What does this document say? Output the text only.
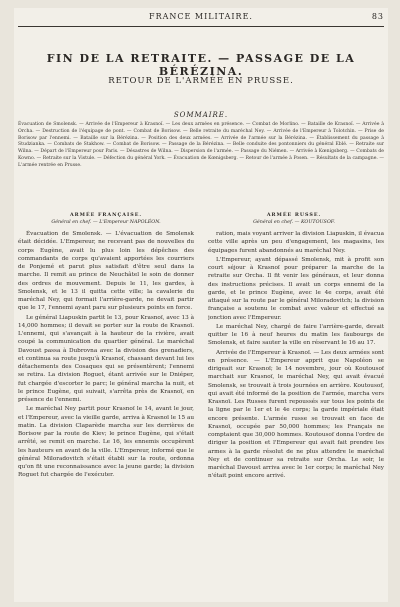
FRANCE MILITAIRE.	83
FIN DE LA RETRAITE. — PASSAGE DE LA BÉRÉZINA.
RETOUR DE L'ARMÉE EN PRUSSE.
SOMMAIRE.
Évacuation de Smolensk. — Arrivée de l'Empereur à Krasnoï. — Les deux armées en présence. — Combat de Morlino. — Bataille de Krasnoï. — Arrivée à Orcha. — Destruction de l'équipage de pont. — Combat de Borisow. — Belle retraite du maréchal Ney. — Arrivée de l'Empereur à Tolotchin. — Prise de Borisow par l'ennemi. — Bataille sur la Bérézina. — Position des deux armées. — Arrivée de l'armée sur la Bérézina. — Établissement du passage à Studzianka. — Combats de Stakhow. — Combat de Borisow. — Passage de la Bérézina. — Belle conduite des pontonniers du général Eblé. — Retraite sur Wilna. — Départ de l'Empereur pour Paris. — Désastres de Wilna. — Dispersion de l'armée. — Passage du Niémen. — Arrivée à Kœnigsberg. — Combats de Kowno. — Retraite sur la Vistule. — Défection du général York. — Évacuation de Kœnigsberg. — Retour de l'armée à Posen. — Résultats de la campagne. — L'armée rentrée en Prusse.
ARMÉE FRANÇAISE.
Général en chef. — L'Empereur NAPOLÉON.
ARMÉE RUSSE.
Général en chef. — KOUTOUSOF.

Évacuation de Smolensk. — L'évacuation de Smolensk était décidée. L'Empereur, ne recevant pas de nouvelles du corps Eugène, avait lu plus loin les dépêches des commandants de corps qu'avaient apportées les courriers de Ponjemé et parut plus satisfait d'être seul dans la marche. Il remit au prince de Neuchâtel le soin de donner des ordres de mouvement. Depuis le 11, les gardes, à Smolensk, et le 13 il quitta cette ville; la cavalerie du maréchal Ney, qui formait l'arrière-garde, ne devait partir que le 17, l'ennemi ayant paru sur plusieurs points en force.

Le général Liapuskin partit le 13, pour Krasnoï, avec 13 à 14,000 hommes; il devait se porter sur la route de Krasnoï. L'ennemi, qui s'avançait à la hauteur de la rivière, avait coupé la communication du quartier général. Le maréchal Davoust passa à Dubrovna avec la division des grenadiers, et continua sa route jusqu'à Krasnoï, chassant devant lui les détachements des Cosaques qui se présentèrent; l'ennemi se retira. La division Roguet, étant arrivée sur le Dniéper, fut chargée d'escorter le parc; le général marcha la nuit, et le prince Eugène, qui suivait, s'arrêta près de Krasnoï, en présence de l'ennemi.

Le maréchal Ney partit pour Krasnoï le 14, avant le jour, et l'Empereur, avec la vieille garde, arriva à Krasnoï le 15 au matin. La division Claparède marcha sur les derrières de Borisow par la route de Kiev; le prince Eugène, qui s'était arrêté, se remit en marche. Le 16, les ennemis occupèrent les hauteurs en avant de la ville. L'Empereur, informé que le général Miloradovitch s'était établi sur la route, ordonna qu'on fit une reconnaissance avec la jeune garde; la division Roguet fut chargée de l'exécuter.

ration, mais voyant arriver la division Liapuskin, il évacua cette ville après un peu d'engagement, les magasins, les équipages furent abandonnés au maréchal Ney.

L'Empereur, ayant dépassé Smolensk, mit à profit son court séjour à Krasnoï pour préparer la marche de la retraite sur Orcha. Il fit venir les généraux, et leur donna des instructions précises. Il avait un corps ennemi de la garde, et le prince Eugène, avec le 4e corps, avait été attaqué sur la route par le général Miloradovitch; la division française a soutenu le combat avec valeur et effectué sa jonction avec l'Empereur.

Le maréchal Ney, chargé de faire l'arrière-garde, devait quitter le 16 à neuf heures du matin les faubourgs de Smolensk, et faire sauter la ville en réservant le 16 au 17.

Arrivée de l'Empereur à Krasnoï. — Les deux armées sont en présence. — L'Empereur apprit que Napoléon se dirigeait sur Krasnoï; le 14 novembre, jour où Koutousof marchait sur Krasnoï, le maréchal Ney, qui avait évacué Smolensk, se trouvait à trois journées en arrière. Koutousof, qui avait été informé de la position de l'armée, marcha vers Krasnoï. Les Russes furent repoussés sur tous les points de la ligne par le 1er et le 4e corps; la garde impériale était encore présente. L'armée russe se trouvait en face de Krasnoï, occupée par 50,000 hommes; les Français ne comptaient que 30,000 hommes. Koutousof donna l'ordre de diriger la position et l'Empereur qui avait fait prendre les armes à la garde résolut de ne plus attendre le maréchal Ney et de continuer sa retraite sur Orcha. Le soir, le maréchal Davoust arriva avec le 1er corps; le maréchal Ney n'était point encore arrivé.
